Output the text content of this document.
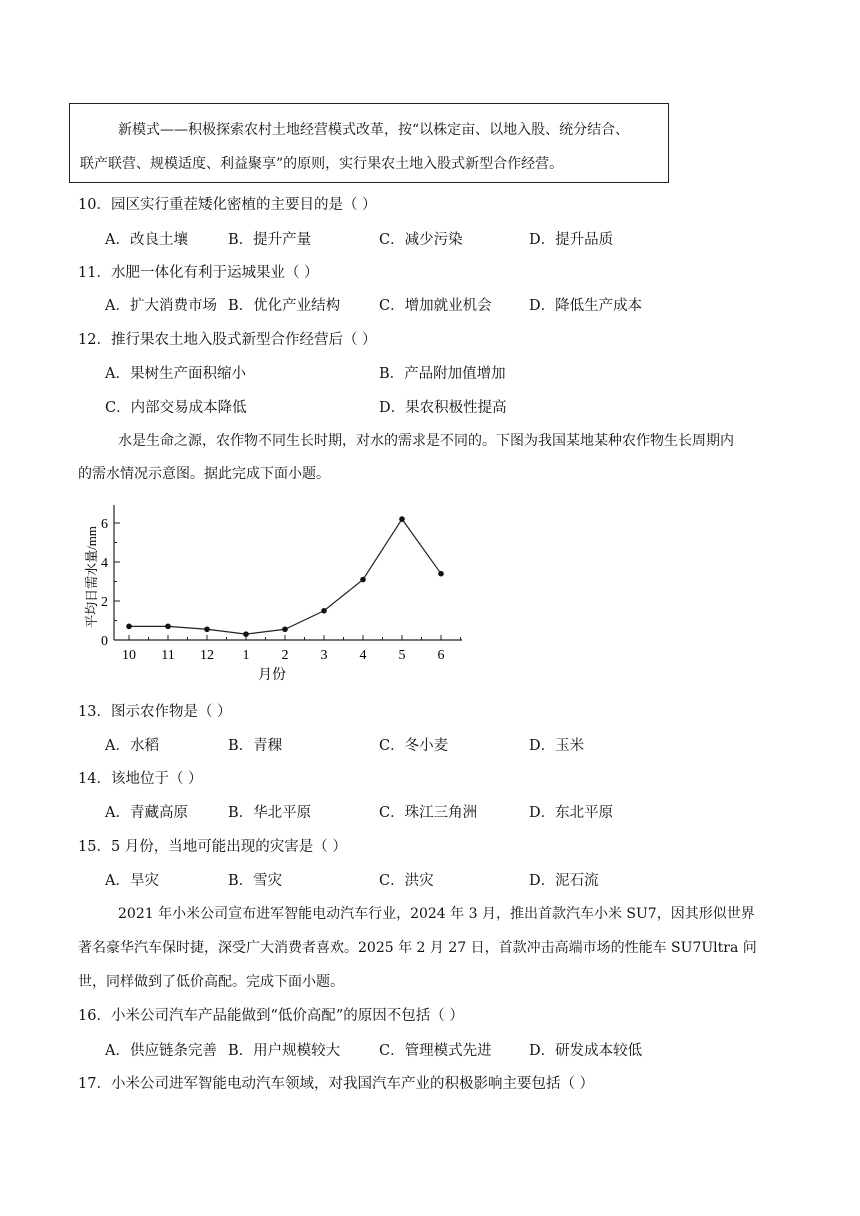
新模式——积极探索农村土地经营模式改革，按“以株定亩、以地入股、统分结合、
联产联营、规模适度、利益聚享”的原则，实行果农土地入股式新型合作经营。
10．园区实行重茬矮化密植的主要目的是（ ）
A．改良土壤	B．提升产量	C．减少污染	D．提升品质
11．水肥一体化有利于运城果业（ ）
A．扩大消费市场 B．优化产业结构	C．增加就业机会	D．降低生产成本
12．推行果农土地入股式新型合作经营后（ ）
A．果树生产面积缩小	B．产品附加值增加
C．内部交易成本降低	D．果农积极性提高
水是生命之源，农作物不同生长时期，对水的需求是不同的。下图为我国某地某种农作物生长周期内
的需水情况示意图。据此完成下面小题。
0
2
4
6
10 11 12 1 2 3 4 5 6
月份
平均日需水量/mm
13．图示农作物是（ ）
A．水稻	B．青稞	C．冬小麦	D．玉米
14．该地位于（ ）
A．青藏高原	B．华北平原	C．珠江三角洲	D．东北平原
15．5 月份，当地可能出现的灾害是（ ）
A．旱灾	B．雪灾	C．洪灾	D．泥石流
2021 年小米公司宣布进军智能电动汽车行业，2024 年 3 月，推出首款汽车小米 SU7，因其形似世界
著名豪华汽车保时捷，深受广大消费者喜欢。2025 年 2 月 27 日，首款冲击高端市场的性能车 SU7Ultra 问
世，同样做到了低价高配。完成下面小题。
16．小米公司汽车产品能做到“低价高配”的原因不包括（ ）
A．供应链条完善 B．用户规模较大	C．管理模式先进	D．研发成本较低
17．小米公司进军智能电动汽车领域，对我国汽车产业的积极影响主要包括（ ）
